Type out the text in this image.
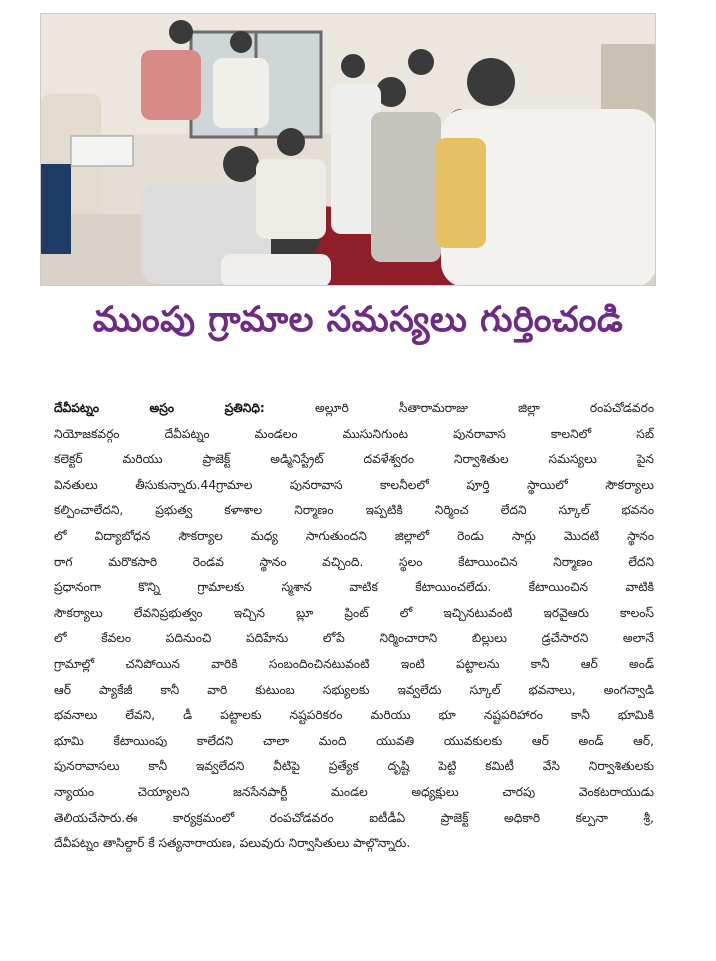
ముంపు గ్రామాల సమస్యలు గుర్తించండి
దేవీపట్నం అస్రం ప్రతినిధి: అల్లూరి సీతారామరాజు జిల్లా రంపచోడవరం
నియోజకవర్గం దేవీపట్నం మండలం ముసునిగుంట పునరావాస కాలనిలో సబ్
కలెక్టర్ మరియు ప్రాజెక్ట్ అడ్మినిస్ట్రేట్ దవళేశ్వరం నిర్వాశితుల సమస్యలు పైన
వినతులు తీసుకున్నారు.44గ్రామాల పునరావాస కాలనీలలో పూర్తి స్థాయిలో సౌకర్యాలు
కల్పించాలేదని, ప్రభుత్వ కళాశాల నిర్మాణం ఇప్పటికి నిర్మించ లేదని స్కూల్ భవనం
లో విద్యాబోధన సౌకర్యాల మధ్య సాగుతుందని జిల్లాలో రెండు సార్లు మొదటి స్థానం
రాగ మరొకసారి రెండవ స్థానం వచ్చింది. స్థలం కేటాయించిన నిర్మాణం లేదని
ప్రధానంగా కొన్ని గ్రామాలకు స్మశాన వాటిక కేటాయించలేదు. కేటాయించిన వాటికి
సౌకర్యాలు లేవనిప్రభుత్వం ఇచ్చిన బ్లూ ప్రింట్ లో ఇచ్చినటువంటి ఇరవైఆరు కాలంస్
లో కేవలం పదినుంచి పదిహేను లోపే నిర్మించారాని బిల్లులు డ్రచేసారని అలానే
గ్రామాల్లో చనిపోయిన వారికి సంబందించినటువంటి ఇంటి పట్టాలను కానీ ఆర్ అండ్
ఆర్ ప్యాకేజీ కానీ వారి కుటుంబ సభ్యులకు ఇవ్వలేదు స్కూల్ భవనాలు, అంగన్వాడి
భవనాలు లేవని, డీ పట్టాలకు నష్టపరికరం మరియు భూ నష్టపరిహారం కానీ భూమికి
భూమి కేటాయింపు కాలేదని చాలా మంది యువతి యువకులకు ఆర్ అండ్ ఆర్,
పునరావాసలు కానీ ఇవ్వలేదని వీటిపై ప్రత్యేక దృష్టి పెట్టి కమిటీ వేసి నిర్వాశితులకు
న్యాయం చెయ్యాలని జనసేనపార్టీ మండల అధ్యక్షులు చారపు వెంకటరాయుడు
తెలియచేసారు.ఈ కార్యక్రమంలో రంపచోడవరం ఐటీడీఏ ప్రాజెక్ట్ అధికారి కల్పనా శ్రీ,
దేవీపట్నం తాసిల్దార్ కే సత్యనారాయణ, పలువురు నిర్వాసితులు పాల్గొన్నారు.
